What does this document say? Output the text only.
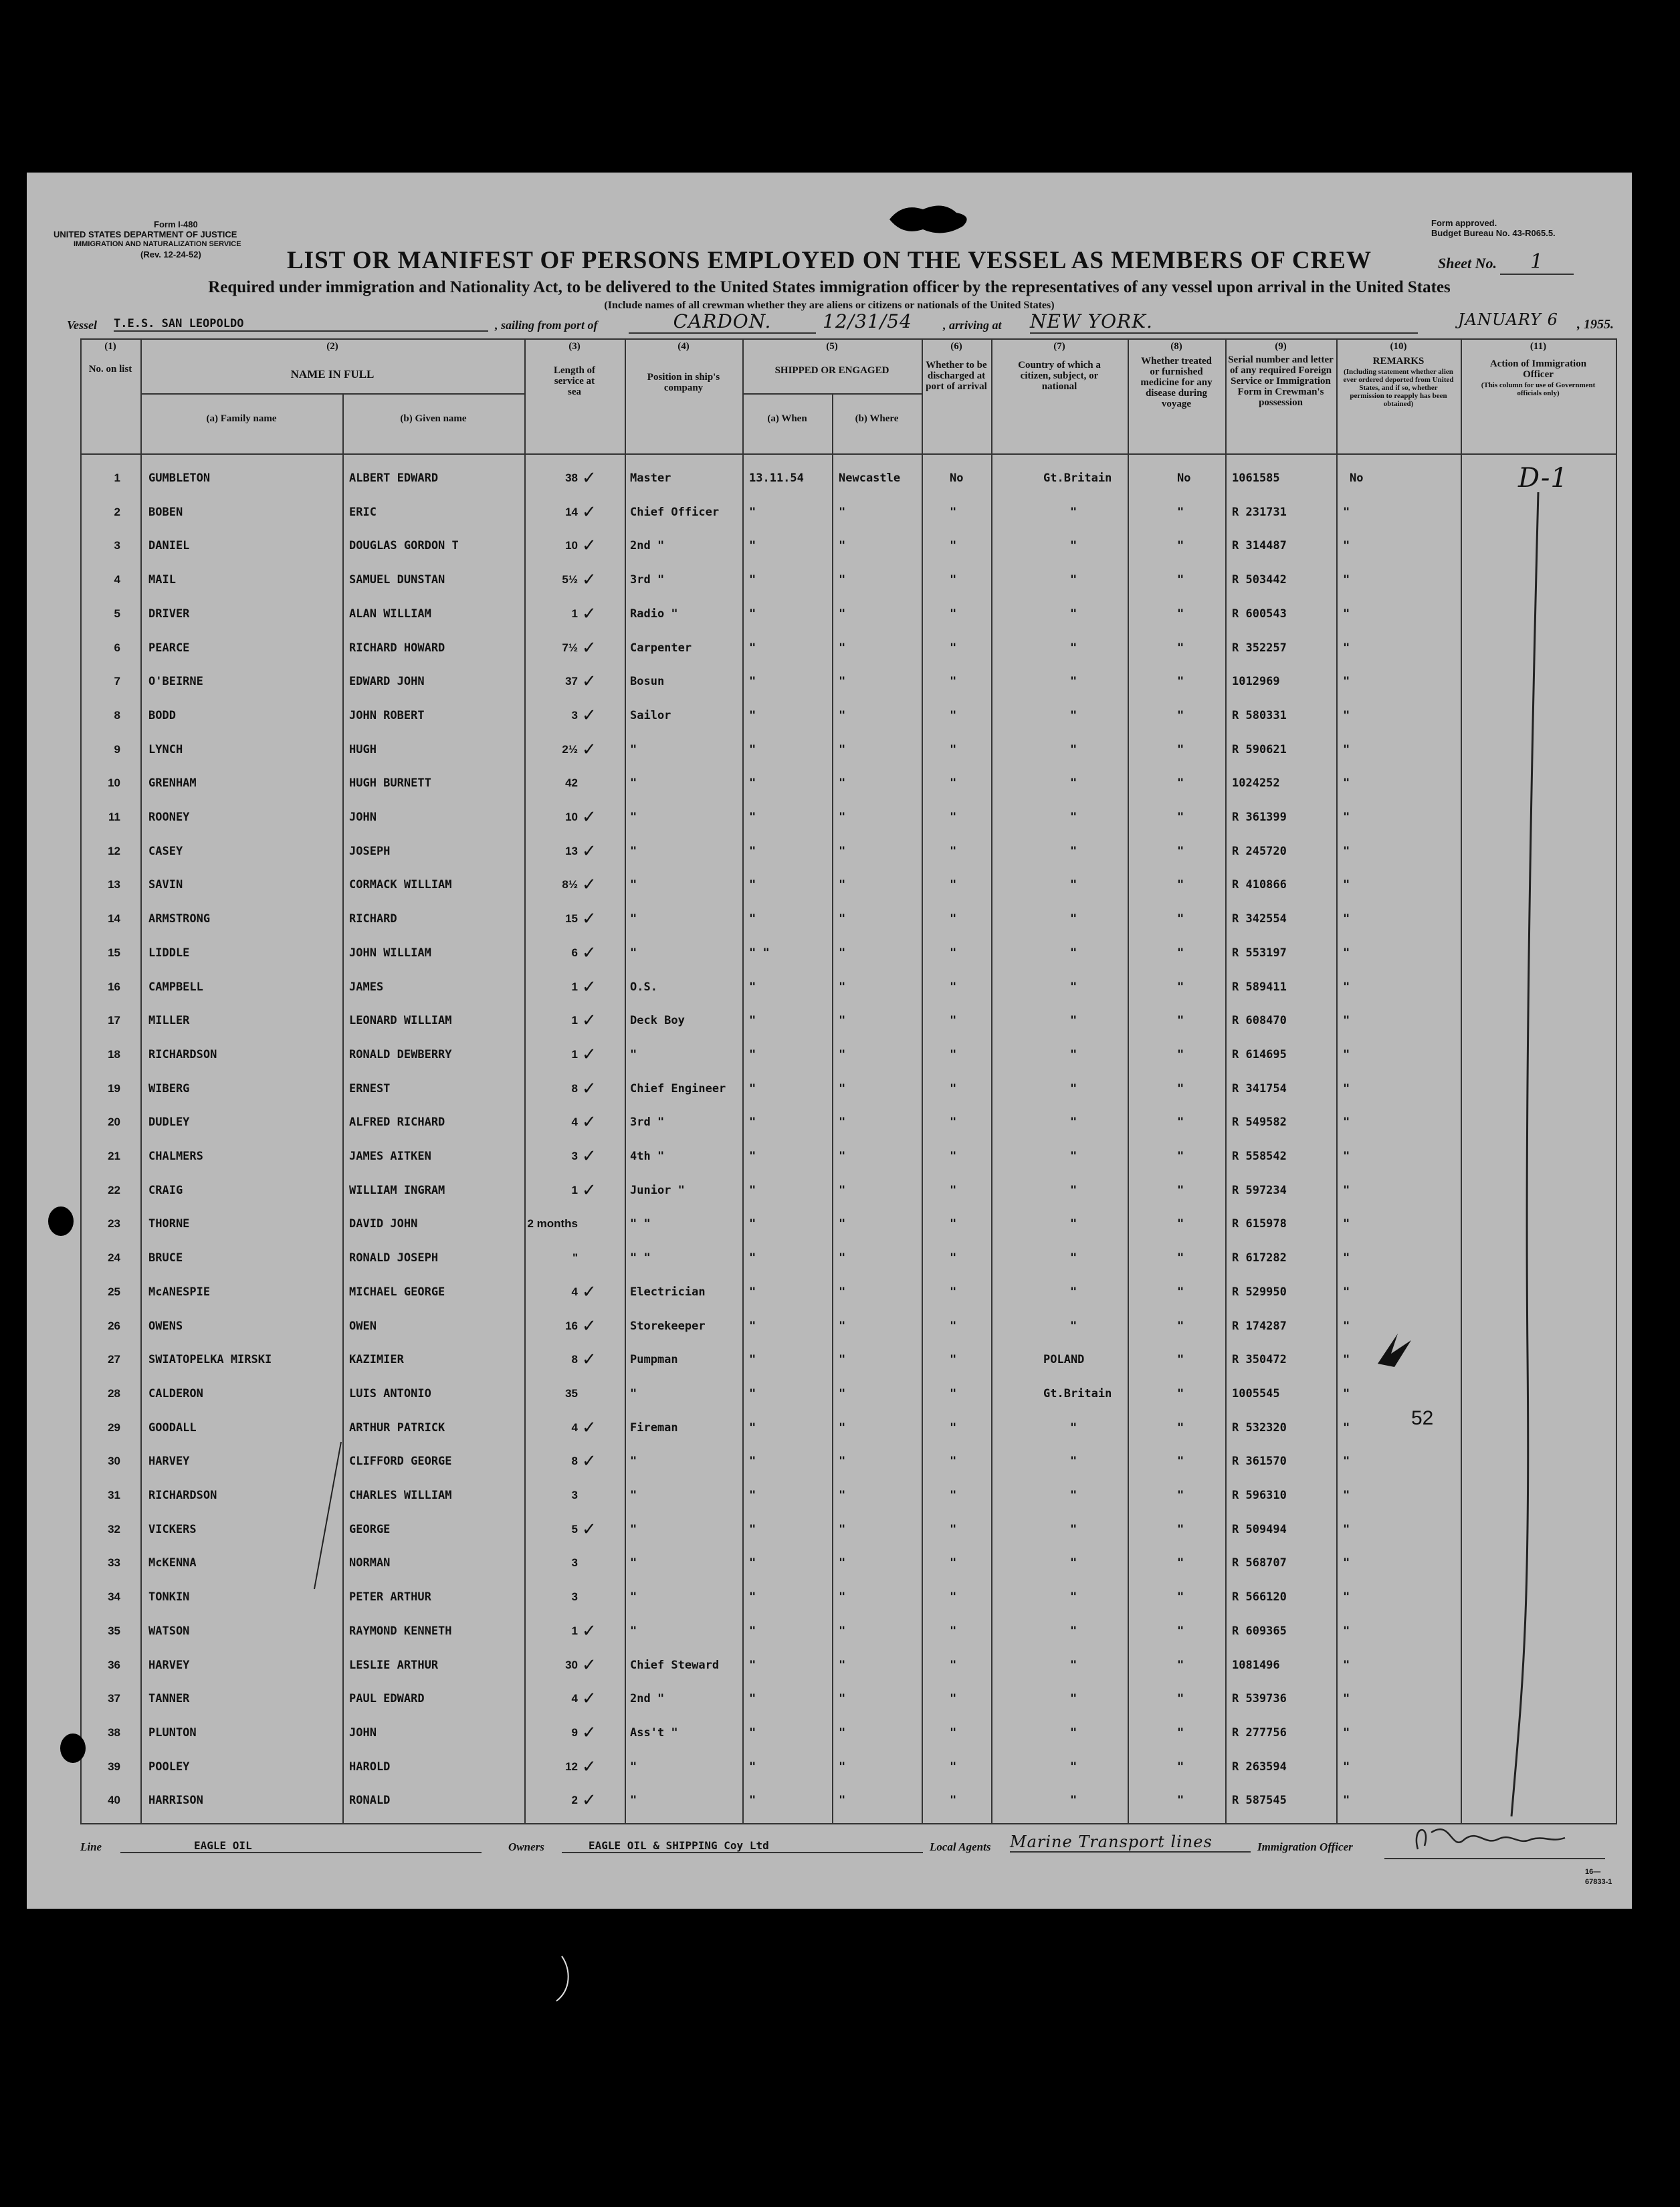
Form I-480
UNITED STATES DEPARTMENT OF JUSTICE
IMMIGRATION AND NATURALIZATION SERVICE
(Rev. 12-24-52)
Form approved.
Budget Bureau No. 43-R065.5.
LIST OR MANIFEST OF PERSONS EMPLOYED ON THE VESSEL AS MEMBERS OF CREW	Sheet No. 1
Required under immigration and Nationality Act, to be delivered to the United States immigration officer by the representatives of any vessel upon arrival in the United States
(Include names of all crewman whether they are aliens or citizens or nationals of the United States)
Vessel T.E.S. SAN LEOPOLDO	, sailing from port of	CARDON.	12/31/54	, arriving at NEW YORK.	JANUARY 6 , 1955.
(1)
No. on list
(2)
NAME IN FULL
(a) Family name	(b) Given name
(3)
Length of service at sea
(4)
Position in ship's company
(5)
SHIPPED OR ENGAGED
(a) When	(b) Where
(6)
Whether to be discharged at port of arrival
(7)
Country of which a citizen, subject, or national
(8)
Whether treated or furnished medicine for any disease during voyage
(9)
Serial number and letter of any required Foreign Service or Immigration Form in Crewman's possession
(10)
REMARKS
(Including statement whether alien ever ordered deported from United States, and if so, whether permission to reapply has been obtained)
(11)
Action of Immigration Officer
(This column for use of Government officials only)
1 GUMBLETON	ALBERT EDWARD	38 ✓	Master	13.11.54	Newcastle	No	Gt.Britain	No	1061585	No
2 BOBEN	ERIC	14 ✓	Chief Officer	"	"	"	"	"	R 231731	"
3 DANIEL	DOUGLAS GORDON T	10 ✓	2nd "	"	"	"	"	"	R 314487	"
4 MAIL	SAMUEL DUNSTAN	5½ ✓	3rd "	"	"	"	"	"	R 503442	"
5 DRIVER	ALAN WILLIAM	1 ✓	Radio "	"	"	"	"	"	R 600543	"
6 PEARCE	RICHARD HOWARD	7½ ✓	Carpenter	"	"	"	"	"	R 352257	"
7 O'BEIRNE	EDWARD JOHN	37 ✓	Bosun	"	"	"	"	"	1012969	"
8 BODD	JOHN ROBERT	3 ✓	Sailor	"	"	"	"	"	R 580331	"
9 LYNCH	HUGH	2½ ✓	"	"	"	"	"	"	R 590621	"
10 GRENHAM	HUGH BURNETT	42	"	"	"	"	"	"	1024252	"
11 ROONEY	JOHN	10 ✓	"	"	"	"	"	"	R 361399	"
12 CASEY	JOSEPH	13 ✓	"	"	"	"	"	"	R 245720	"
13 SAVIN	CORMACK WILLIAM	8½ ✓	"	"	"	"	"	"	R 410866	"
14 ARMSTRONG	RICHARD	15 ✓	"	"	"	"	"	"	R 342554	"
15 LIDDLE	JOHN WILLIAM	6 ✓	"	" "	"	"	"	"	R 553197	"
16 CAMPBELL	JAMES	1 ✓	O.S.	"	"	"	"	"	R 589411	"
17 MILLER	LEONARD WILLIAM	1 ✓	Deck Boy	"	"	"	"	"	R 608470	"
18 RICHARDSON	RONALD DEWBERRY	1 ✓	"	"	"	"	"	"	R 614695	"
19 WIBERG	ERNEST	8 ✓	Chief Engineer	"	"	"	"	"	R 341754	"
20 DUDLEY	ALFRED RICHARD	4 ✓	3rd "	"	"	"	"	"	R 549582	"
21 CHALMERS	JAMES AITKEN	3 ✓	4th "	"	"	"	"	"	R 558542	"
22 CRAIG	WILLIAM INGRAM	1 ✓	Junior "	"	"	"	"	"	R 597234	"
23 THORNE	DAVID JOHN	2 months	" "	"	"	"	"	"	R 615978	"
24 BRUCE	RONALD JOSEPH	"	" "	"	"	"	"	"	R 617282	"
25 McANESPIE	MICHAEL GEORGE	4 ✓	Electrician	"	"	"	"	"	R 529950	"
26 OWENS	OWEN	16 ✓	Storekeeper	"	"	"	"	"	R 174287	"
27 SWIATOPELKA MIRSKI	KAZIMIER	8 ✓	Pumpman	"	"	"	POLAND	"	R 350472	"
28 CALDERON	LUIS ANTONIO	35	"	"	"	"	Gt.Britain	"	1005545	"
29 GOODALL	ARTHUR PATRICK	4 ✓	Fireman	"	"	"	"	"	R 532320	"
30 HARVEY	CLIFFORD GEORGE	8 ✓	"	"	"	"	"	"	R 361570	"
31 RICHARDSON	CHARLES WILLIAM	3	"	"	"	"	"	"	R 596310	"
32 VICKERS	GEORGE	5 ✓	"	"	"	"	"	"	R 509494	"
33 McKENNA	NORMAN	3	"	"	"	"	"	"	R 568707	"
34 TONKIN	PETER ARTHUR	3	"	"	"	"	"	"	R 566120	"
35 WATSON	RAYMOND KENNETH	1 ✓	"	"	"	"	"	"	R 609365	"
36 HARVEY	LESLIE ARTHUR	30 ✓	Chief Steward	"	"	"	"	"	1081496	"
37 TANNER	PAUL EDWARD	4 ✓	2nd "	"	"	"	"	"	R 539736	"
38 PLUNTON	JOHN	9 ✓	Ass't "	"	"	"	"	"	R 277756	"
39 POOLEY	HAROLD	12 ✓	"	"	"	"	"	"	R 263594	"
40 HARRISON	RONALD	2 ✓	"	"	"	"	"	"	R 587545	"
D-1
52
Line	EAGLE OIL	Owners	EAGLE OIL & SHIPPING Coy Ltd	Local Agents Marine Transport lines	Immigration Officer
16—67833-1
